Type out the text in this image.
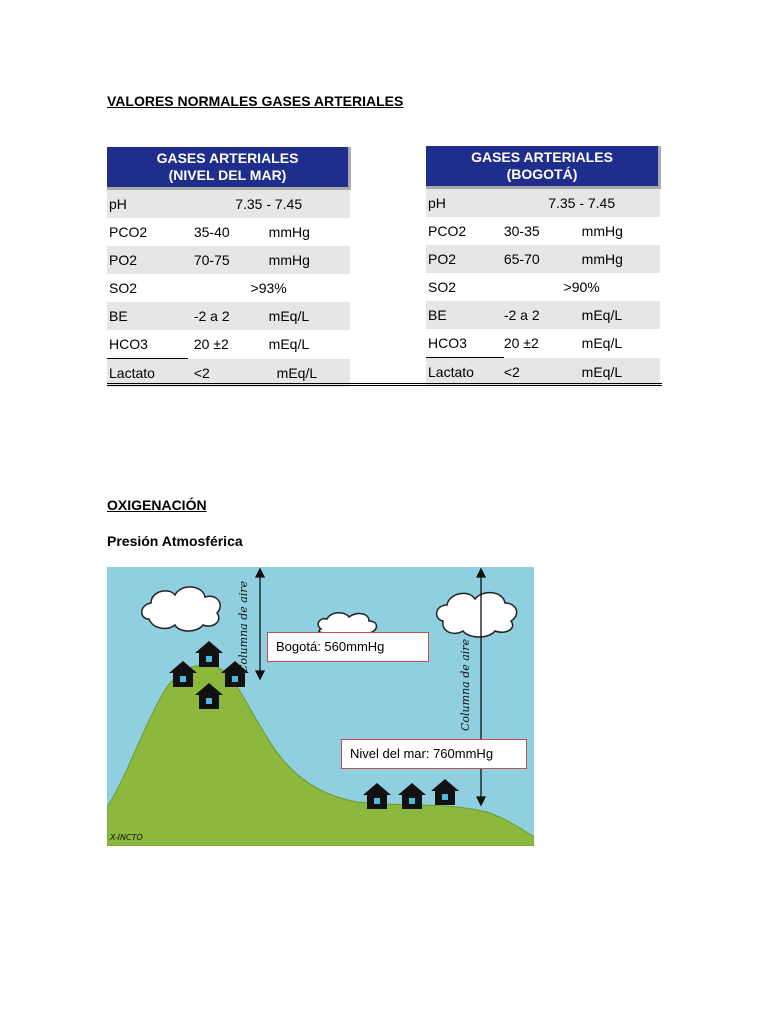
VALORES NORMALES GASES ARTERIALES
GASES ARTERIALES
(NIVEL DEL MAR)		
pH	7.35 - 7.45	
PCO2	35-40	mmHg
PO2	70-75	mmHg
SO2	>93%	
BE	-2 a 2	mEq/L
HCO3	20 ±2	mEq/L
Lactato	<2	mEq/L
GASES ARTERIALES
(BOGOTÁ)		
pH	7.35 - 7.45	
PCO2	30-35	mmHg
PO2	65-70	mmHg
SO2	>90%	
BE	-2 a 2	mEq/L
HCO3	20 ±2	mEq/L
Lactato	<2	mEq/L
OXIGENACIÓN
Presión Atmosférica
Columna de aire
Columna de aire
Bogotá: 560mmHg
Nivel del mar: 760mmHg
X-INCTO
